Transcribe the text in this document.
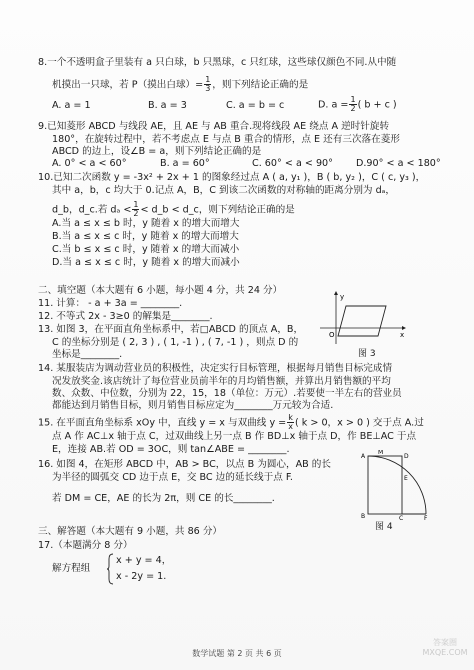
8.一个不透明盒子里装有 a 只白球，b 只黑球，c 只红球，这些球仅颜色不同.从中随
机摸出一只球，若 P（摸出白球）= $\frac{1}{3}$ ，则下列结论正确的是
A. a = 1	B. a = 3	C. a = b = c	D. $a = \frac{1}{2}$ ( b + c )
9.已知菱形 ABCD 与线段 AE，且 AE 与 AB 重合.现将线段 AE 绕点 A 逆时针旋转
180°，在旋转过程中，若不考虑点 E 与点 B 重合的情形，点 E 还有三次落在菱形
ABCD 的边上，设∠B = a，则下列结论正确的是
A. 0° < a < 60°	B. a = 60°	C. 60° < a < 90° D.90° < a < 180°
10.已知二次函数 y = -3x² + 2x + 1 的图象经过点 A ( a, y₁ )，B ( b, y₂ )，C ( c, y₃ )，
其中 a，b，c 均大于 0.记点 A，B，C 到该二次函数的对称轴的距离分别为 dₐ，
d_b，d_c.若 $d_a < \frac{1}{2}$ < d_b < d_c，则下列结论正确的是
A.当 a ≤ x ≤ b 时，y 随着 x 的增大而增大
B.当 a ≤ x ≤ c 时，y 随着 x 的增大而增大
C.当 b ≤ x ≤ c 时，y 随着 x 的增大而减小
D.当 a ≤ x ≤ c 时，y 随着 x 的增大而减小
二、填空题（本大题有 6 小题，每小题 4 分，共 24 分）
11. 计算： - a + 3a = ________.
12. 不等式 2x - 3≥0 的解集是________.
13. 如图 3，在平面直角坐标系中，若□ABCD 的顶点 A，B，
C 的坐标分别是 ( 2, 3 ) , ( 1, -1 ) , ( 7, -1 ) ，则点 D 的
坐标是________.
y
x
O
图 3
14. 某服装店为调动营业员的积极性，决定实行目标管理，根据每月销售目标完成情
况发放奖金.该店统计了每位营业员前半年的月均销售额，并算出月销售额的平均
数、众数、中位数，分别为 22，15，18（单位：万元）.若要使一半左右的营业员
都能达到月销售目标，则月销售目标应定为________万元较为合适.
15. 在平面直角坐标系 xOy 中，直线 y = x 与双曲线 $y = \frac{k}{x}$ ( k > 0，x > 0 ) 交于点 A.过
点 A 作 AC⊥x 轴于点 C，过双曲线上另一点 B 作 BD⊥x 轴于点 D，作 BE⊥AC 于点
E，连接 AB.若 OD = 3OC，则 tan∠ABE = ________.
16. 如图 4，在矩形 ABCD 中，AB > BC，以点 B 为圆心，AB 的长
为半径的圆弧交 CD 边于点 E，交 BC 边的延长线于点 F.
若 DM = CE，AE 的长为 2π，则 CE 的长________.
A
B	C
D
E
F
M
图 4
三、解答题（本大题有 9 小题，共 86 分）
17.（本题满分 8 分）
解方程组
x + y = 4，
x - 2y = 1.
数学试题 第 2 页 共 6 页
答案圈 MXQE.COM
